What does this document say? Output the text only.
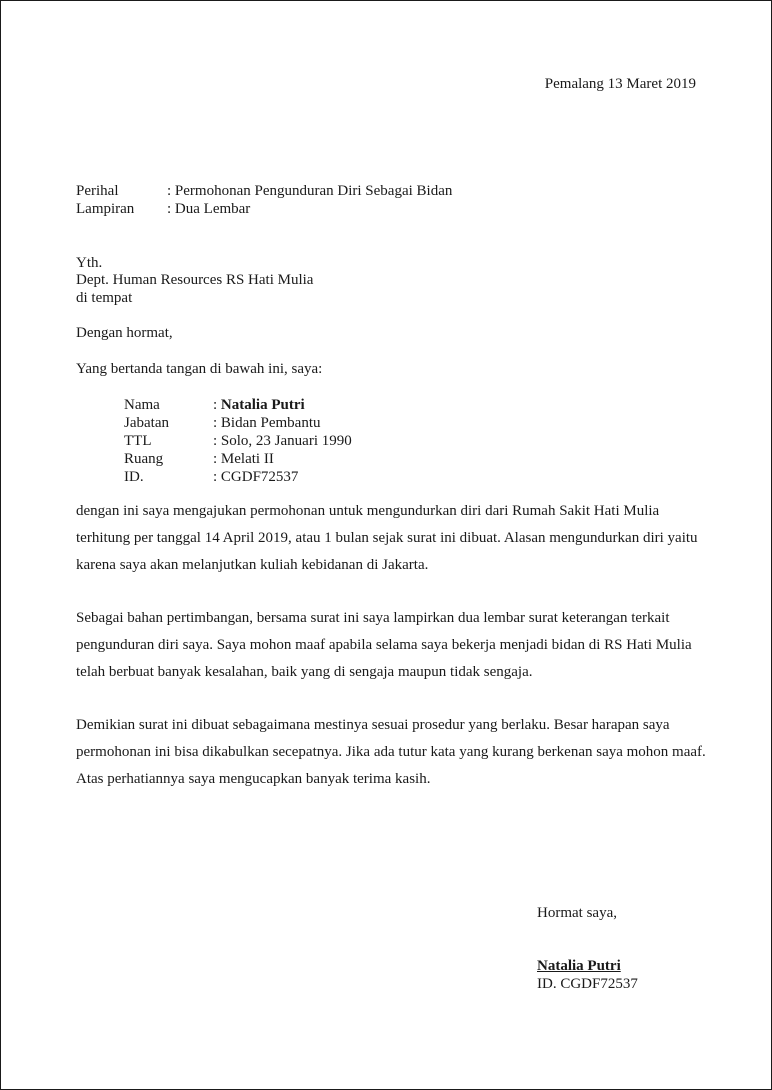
Pemalang 13 Maret 2019
Perihal	: Permohonan Pengunduran Diri Sebagai Bidan
Lampiran : Dua Lembar
Yth.
Dept. Human Resources RS Hati Mulia
di tempat
Dengan hormat,
Yang bertanda tangan di bawah ini, saya:
Nama	: Natalia Putri
Jabatan	: Bidan Pembantu
TTL	: Solo, 23 Januari 1990
Ruang	: Melati II
ID.	: CGDF72537
dengan ini saya mengajukan permohonan untuk mengundurkan diri dari Rumah Sakit Hati Mulia terhitung per tanggal 14 April 2019, atau 1 bulan sejak surat ini dibuat. Alasan mengundurkan diri yaitu karena saya akan melanjutkan kuliah kebidanan di Jakarta.
Sebagai bahan pertimbangan, bersama surat ini saya lampirkan dua lembar surat keterangan terkait pengunduran diri saya. Saya mohon maaf apabila selama saya bekerja menjadi bidan di RS Hati Mulia telah berbuat banyak kesalahan, baik yang di sengaja maupun tidak sengaja.
Demikian surat ini dibuat sebagaimana mestinya sesuai prosedur yang berlaku. Besar harapan saya permohonan ini bisa dikabulkan secepatnya. Jika ada tutur kata yang kurang berkenan saya mohon maaf. Atas perhatiannya saya mengucapkan banyak terima kasih.
Hormat saya,
Natalia Putri
ID. CGDF72537
